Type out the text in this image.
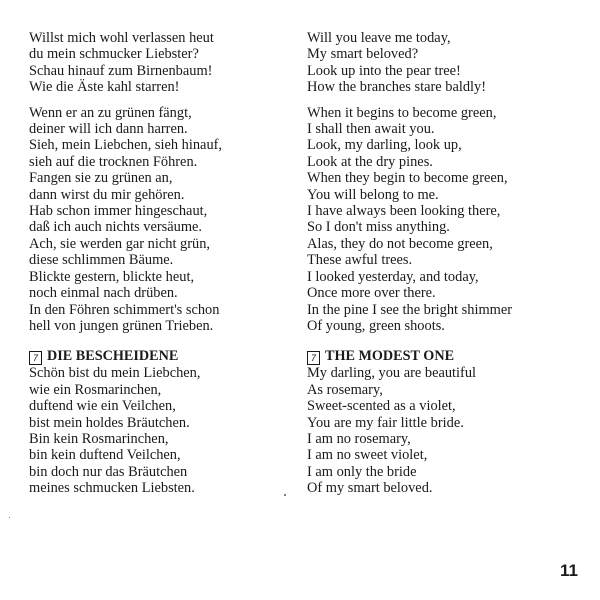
Willst mich wohl verlassen heut
du mein schmucker Liebster?
Schau hinauf zum Birnenbaum!
Wie die Äste kahl starren!
Wenn er an zu grünen fängt,
deiner will ich dann harren.
Sieh, mein Liebchen, sieh hinauf,
sieh auf die trocknen Föhren.
Fangen sie zu grünen an,
dann wirst du mir gehören.
Hab schon immer hingeschaut,
daß ich auch nichts versäume.
Ach, sie werden gar nicht grün,
diese schlimmen Bäume.
Blickte gestern, blickte heut,
noch einmal nach drüben.
In den Föhren schimmert's schon
hell von jungen grünen Trieben.
7 DIE BESCHEIDENE
Schön bist du mein Liebchen,
wie ein Rosmarinchen,
duftend wie ein Veilchen,
bist mein holdes Bräutchen.
Bin kein Rosmarinchen,
bin kein duftend Veilchen,
bin doch nur das Bräutchen
meines schmucken Liebsten.
Will you leave me today,
My smart beloved?
Look up into the pear tree!
How the branches stare baldly!
When it begins to become green,
I shall then await you.
Look, my darling, look up,
Look at the dry pines.
When they begin to become green,
You will belong to me.
I have always been looking there,
So I don't miss anything.
Alas, they do not become green,
These awful trees.
I looked yesterday, and today,
Once more over there.
In the pine I see the bright shimmer
Of young, green shoots.
7 THE MODEST ONE
My darling, you are beautiful
As rosemary,
Sweet-scented as a violet,
You are my fair little bride.
I am no rosemary,
I am no sweet violet,
I am only the bride
Of my smart beloved.
11
